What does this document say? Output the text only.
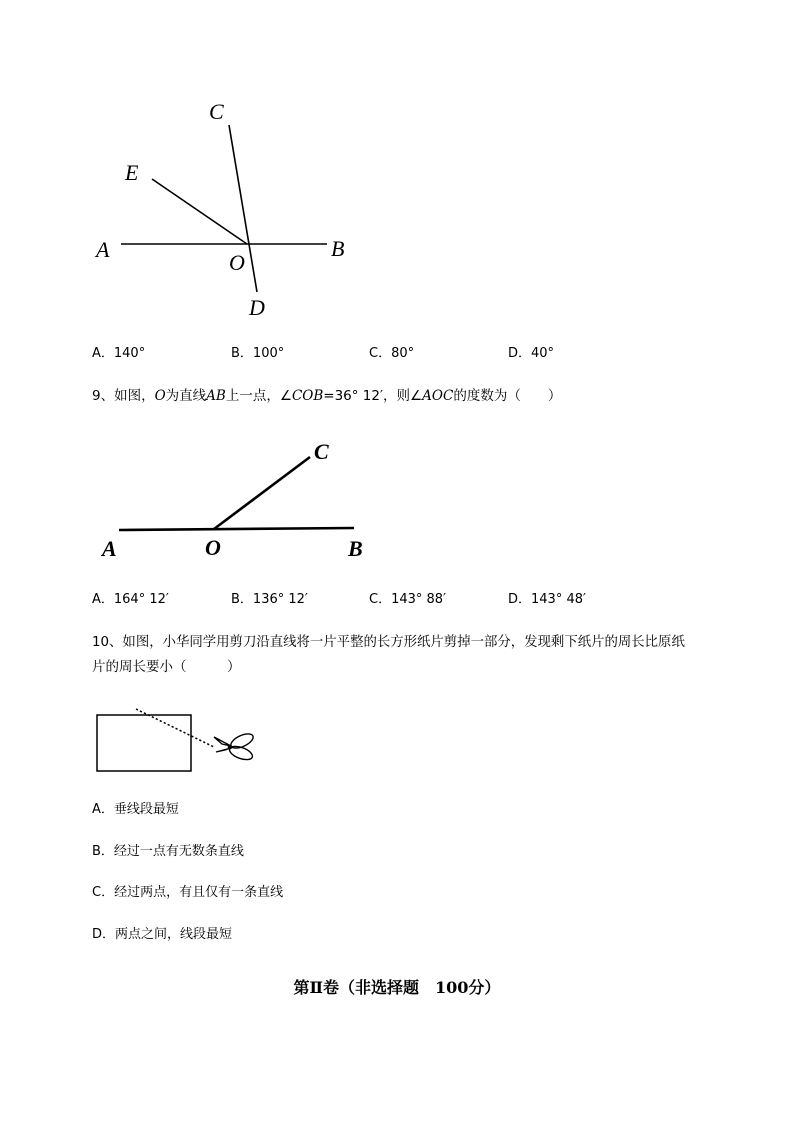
C
E
A	B
O
D
A．140°	B．100°	C．80°	D．40°
9、如图，O为直线AB上一点，∠COB=36° 12′，则∠AOC的度数为（　　）
C
A	O	B
A．164° 12′	B．136° 12′	C．143° 88′	D．143° 48′
10、如图，小华同学用剪刀沿直线将一片平整的长方形纸片剪掉一部分，发现剩下纸片的周长比原纸
片的周长要小（　　　）
A．垂线段最短
B．经过一点有无数条直线
C．经过两点，有且仅有一条直线
D．两点之间，线段最短
第Ⅱ卷（非选择题　100分）
